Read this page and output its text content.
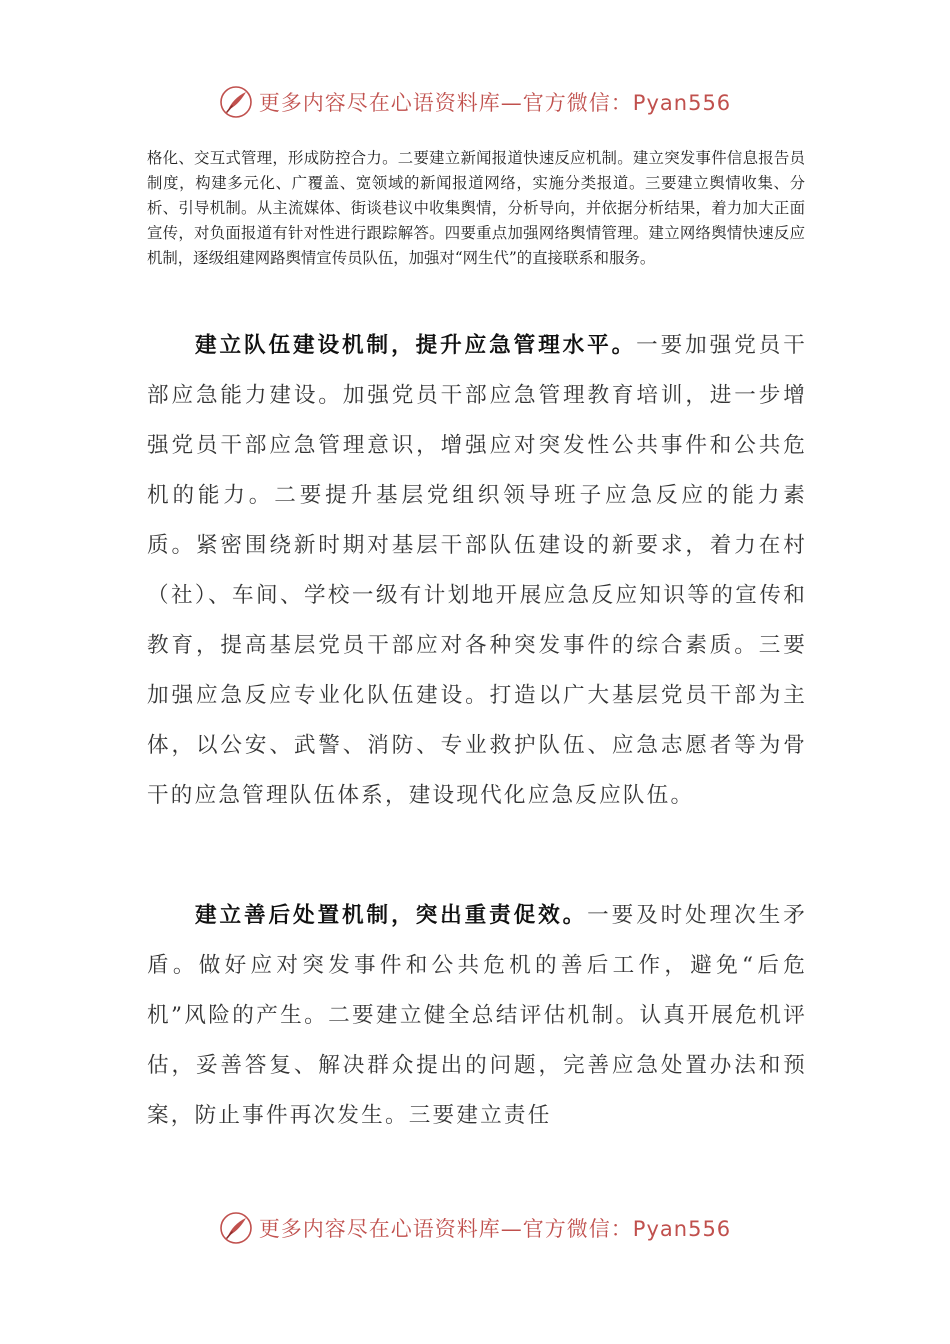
更多内容尽在心语资料库—官方微信：Pyan556

格化、交互式管理，形成防控合力。二要建立新闻报道快速反应机制。建立突发事件信息报告员制度，构建多元化、广覆盖、宽领域的新闻报道网络，实施分类报道。三要建立舆情收集、分析、引导机制。从主流媒体、街谈巷议中收集舆情，分析导向，并依据分析结果，着力加大正面宣传，对负面报道有针对性进行跟踪解答。四要重点加强网络舆情管理。建立网络舆情快速反应机制，逐级组建网路舆情宣传员队伍，加强对“网生代”的直接联系和服务。

建立队伍建设机制，提升应急管理水平。一要加强党员干部应急能力建设。加强党员干部应急管理教育培训，进一步增强党员干部应急管理意识，增强应对突发性公共事件和公共危机的能力。二要提升基层党组织领导班子应急反应的能力素质。紧密围绕新时期对基层干部队伍建设的新要求，着力在村（社）、车间、学校一级有计划地开展应急反应知识等的宣传和教育，提高基层党员干部应对各种突发事件的综合素质。三要加强应急反应专业化队伍建设。打造以广大基层党员干部为主体，以公安、武警、消防、专业救护队伍、应急志愿者等为骨干的应急管理队伍体系，建设现代化应急反应队伍。

建立善后处置机制，突出重责促效。一要及时处理次生矛盾。做好应对突发事件和公共危机的善后工作，避免“后危机”风险的产生。二要建立健全总结评估机制。认真开展危机评估，妥善答复、解决群众提出的问题，完善应急处置办法和预案，防止事件再次发生。三要建立责任

更多内容尽在心语资料库—官方微信：Pyan556
